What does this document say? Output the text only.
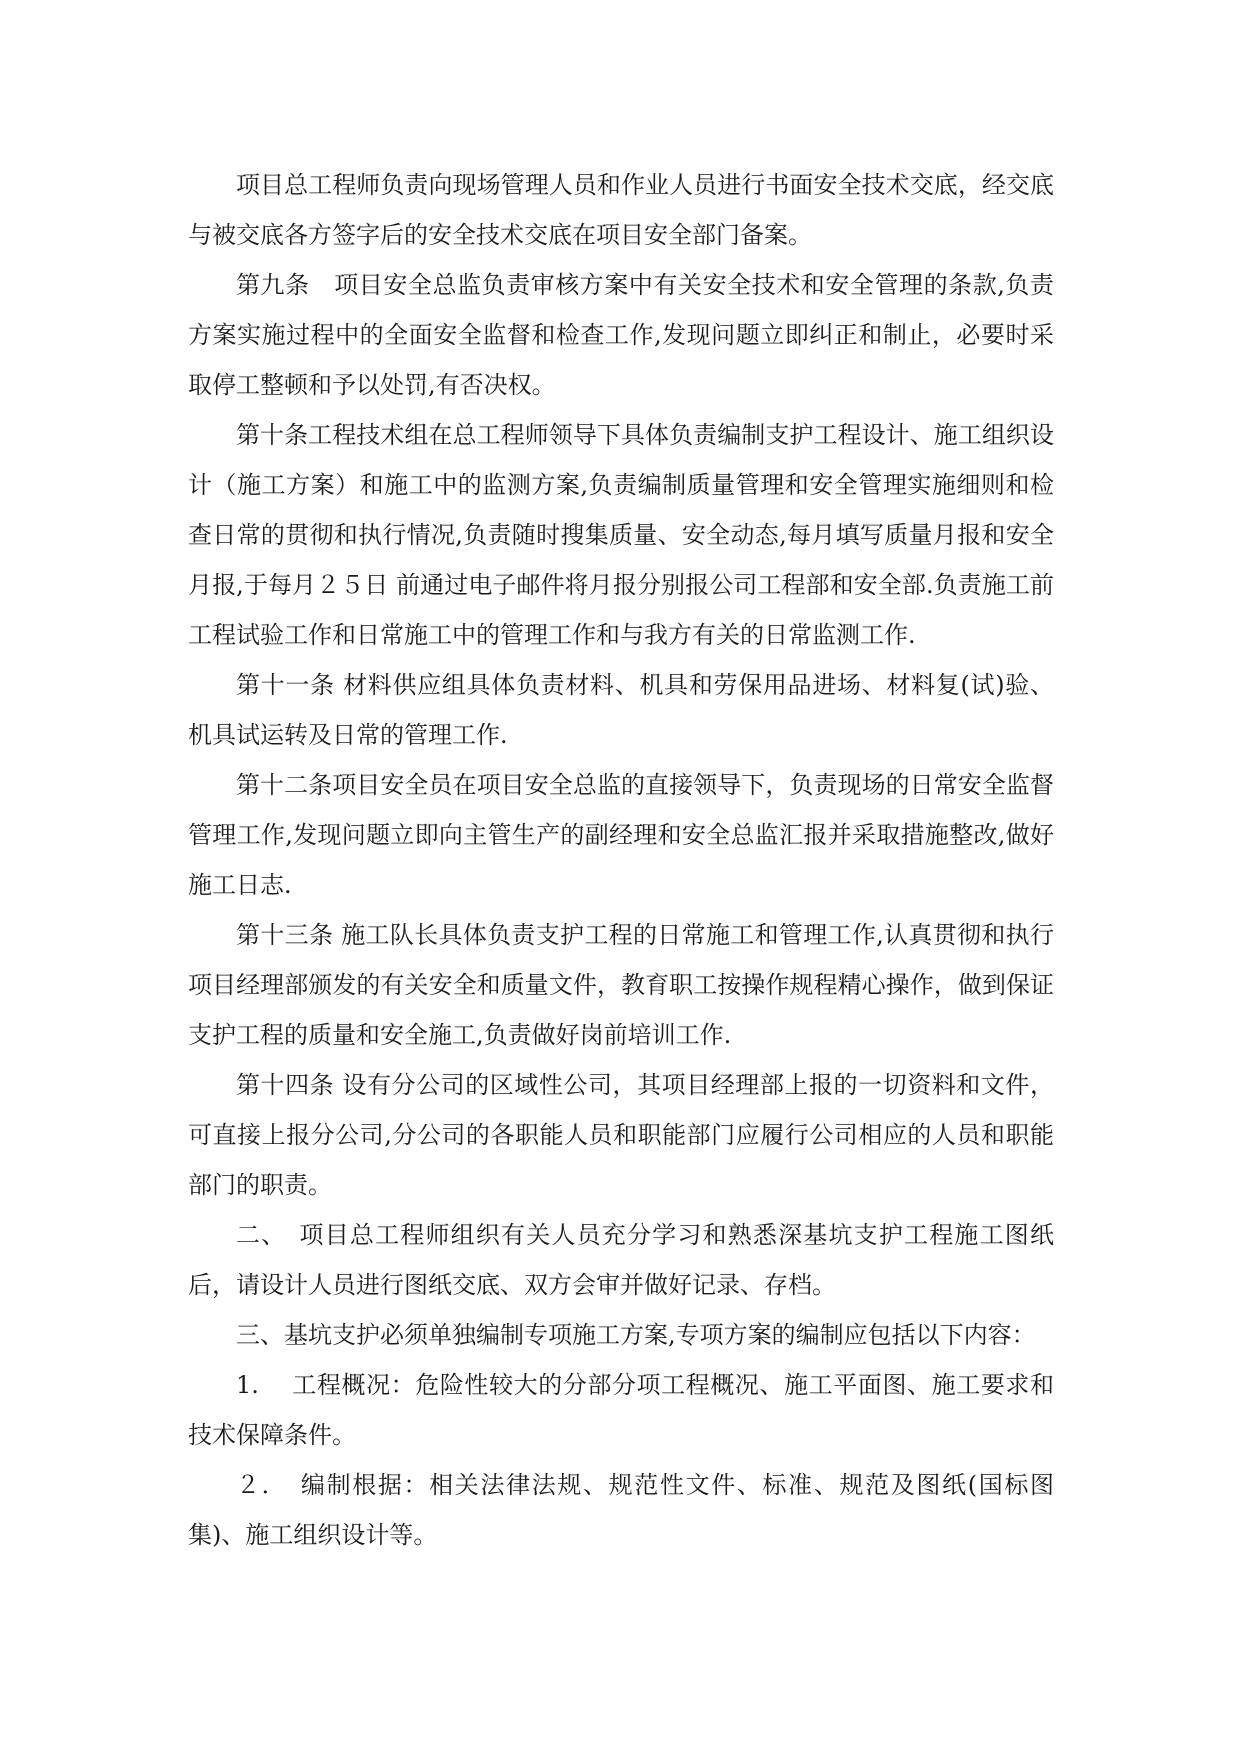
项目总工程师负责向现场管理人员和作业人员进行书面安全技术交底，经交底与被交底各方签字后的安全技术交底在项目安全部门备案。

第九条　项目安全总监负责审核方案中有关安全技术和安全管理的条款,负责方案实施过程中的全面安全监督和检查工作,发现问题立即纠正和制止，必要时采取停工整顿和予以处罚,有否决权。

第十条工程技术组在总工程师领导下具体负责编制支护工程设计、施工组织设计（施工方案）和施工中的监测方案,负责编制质量管理和安全管理实施细则和检查日常的贯彻和执行情况,负责随时搜集质量、安全动态,每月填写质量月报和安全月报,于每月２５日 前通过电子邮件将月报分别报公司工程部和安全部.负责施工前工程试验工作和日常施工中的管理工作和与我方有关的日常监测工作.

第十一条 材料供应组具体负责材料、机具和劳保用品进场、材料复(试)验、机具试运转及日常的管理工作.

第十二条项目安全员在项目安全总监的直接领导下，负责现场的日常安全监督管理工作,发现问题立即向主管生产的副经理和安全总监汇报并采取措施整改,做好施工日志.

第十三条 施工队长具体负责支护工程的日常施工和管理工作,认真贯彻和执行项目经理部颁发的有关安全和质量文件，教育职工按操作规程精心操作，做到保证支护工程的质量和安全施工,负责做好岗前培训工作.

第十四条 设有分公司的区域性公司，其项目经理部上报的一切资料和文件，可直接上报分公司,分公司的各职能人员和职能部门应履行公司相应的人员和职能部门的职责。

二、　项目总工程师组织有关人员充分学习和熟悉深基坑支护工程施工图纸后，请设计人员进行图纸交底、双方会审并做好记录、存档。

三、基坑支护必须单独编制专项施工方案,专项方案的编制应包括以下内容：

1.　 工程概况：危险性较大的分部分项工程概况、施工平面图、施工要求和技术保障条件。

２．　编制根据：相关法律法规、规范性文件、标准、规范及图纸(国标图集)、施工组织设计等。
